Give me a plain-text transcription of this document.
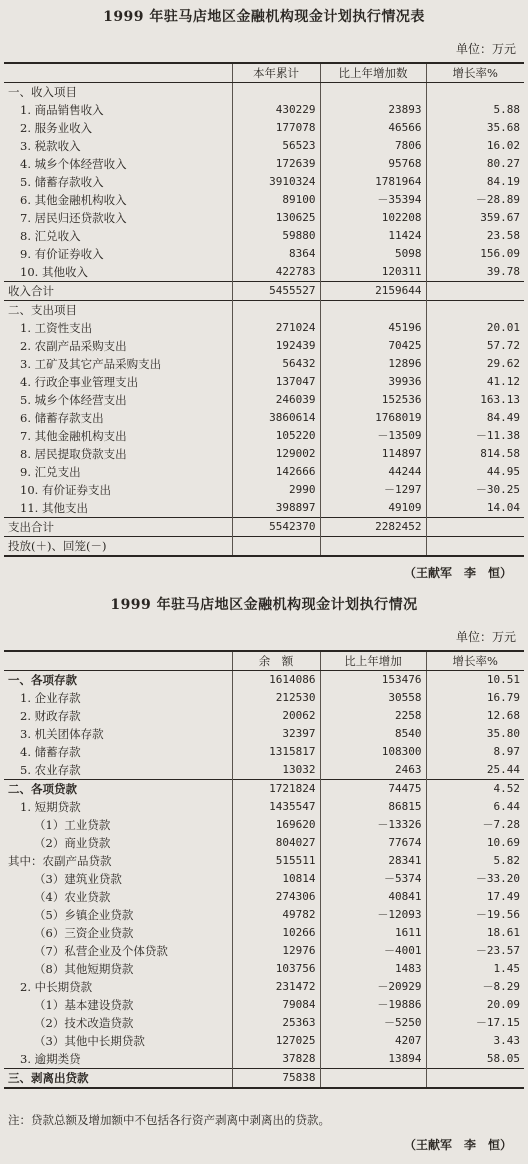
1999 年驻马店地区金融机构现金计划执行情况表
单位：万元
	本年累计	比上年增加数	增长率%
一、收入项目			
1. 商品销售收入	430229	23893	5.88
2. 服务业收入	177078	46566	35.68
3. 税款收入	56523	7806	16.02
4. 城乡个体经营收入	172639	95768	80.27
5. 储蓄存款收入	3910324	1781964	84.19
6. 其他金融机构收入	89100	－35394	－28.89
7. 居民归还贷款收入	130625	102208	359.67
8. 汇兑收入	59880	11424	23.58
9. 有价证券收入	8364	5098	156.09
10. 其他收入	422783	120311	39.78
收入合计	5455527	2159644	
二、支出项目			
1. 工资性支出	271024	45196	20.01
2. 农副产品采购支出	192439	70425	57.72
3. 工矿及其它产品采购支出	56432	12896	29.62
4. 行政企事业管理支出	137047	39936	41.12
5. 城乡个体经营支出	246039	152536	163.13
6. 储蓄存款支出	3860614	1768019	84.49
7. 其他金融机构支出	105220	－13509	－11.38
8. 居民提取贷款支出	129002	114897	814.58
9. 汇兑支出	142666	44244	44.95
10. 有价证券支出	2990	－1297	－30.25
11. 其他支出	398897	49109	14.04
支出合计	5542370	2282452	
投放(＋)、回笼(－)			
（王献军　李　恒）
1999 年驻马店地区金融机构现金计划执行情况
单位：万元
	余　额	比上年增加	增长率%
一、各项存款	1614086	153476	10.51
1. 企业存款	212530	30558	16.79
2. 财政存款	20062	2258	12.68
3. 机关团体存款	32397	8540	35.80
4. 储蓄存款	1315817	108300	8.97
5. 农业存款	13032	2463	25.44
二、各项贷款	1721824	74475	4.52
1. 短期贷款	1435547	86815	6.44
（1）工业贷款	169620	－13326	－7.28
（2）商业贷款	804027	77674	10.69
其中：农副产品贷款	515511	28341	5.82
（3）建筑业贷款	10814	－5374	－33.20
（4）农业贷款	274306	40841	17.49
（5）乡镇企业贷款	49782	－12093	－19.56
（6）三资企业贷款	10266	1611	18.61
（7）私营企业及个体贷款	12976	－4001	－23.57
（8）其他短期贷款	103756	1483	1.45
2. 中长期贷款	231472	－20929	－8.29
（1）基本建设贷款	79084	－19886	20.09
（2）技术改造贷款	25363	－5250	－17.15
（3）其他中长期贷款	127025	4207	3.43
3. 逾期类贷	37828	13894	58.05
三、剥离出贷款	75838		
注：贷款总额及增加额中不包括各行资产剥离中剥离出的贷款。
（王献军　李　恒）
